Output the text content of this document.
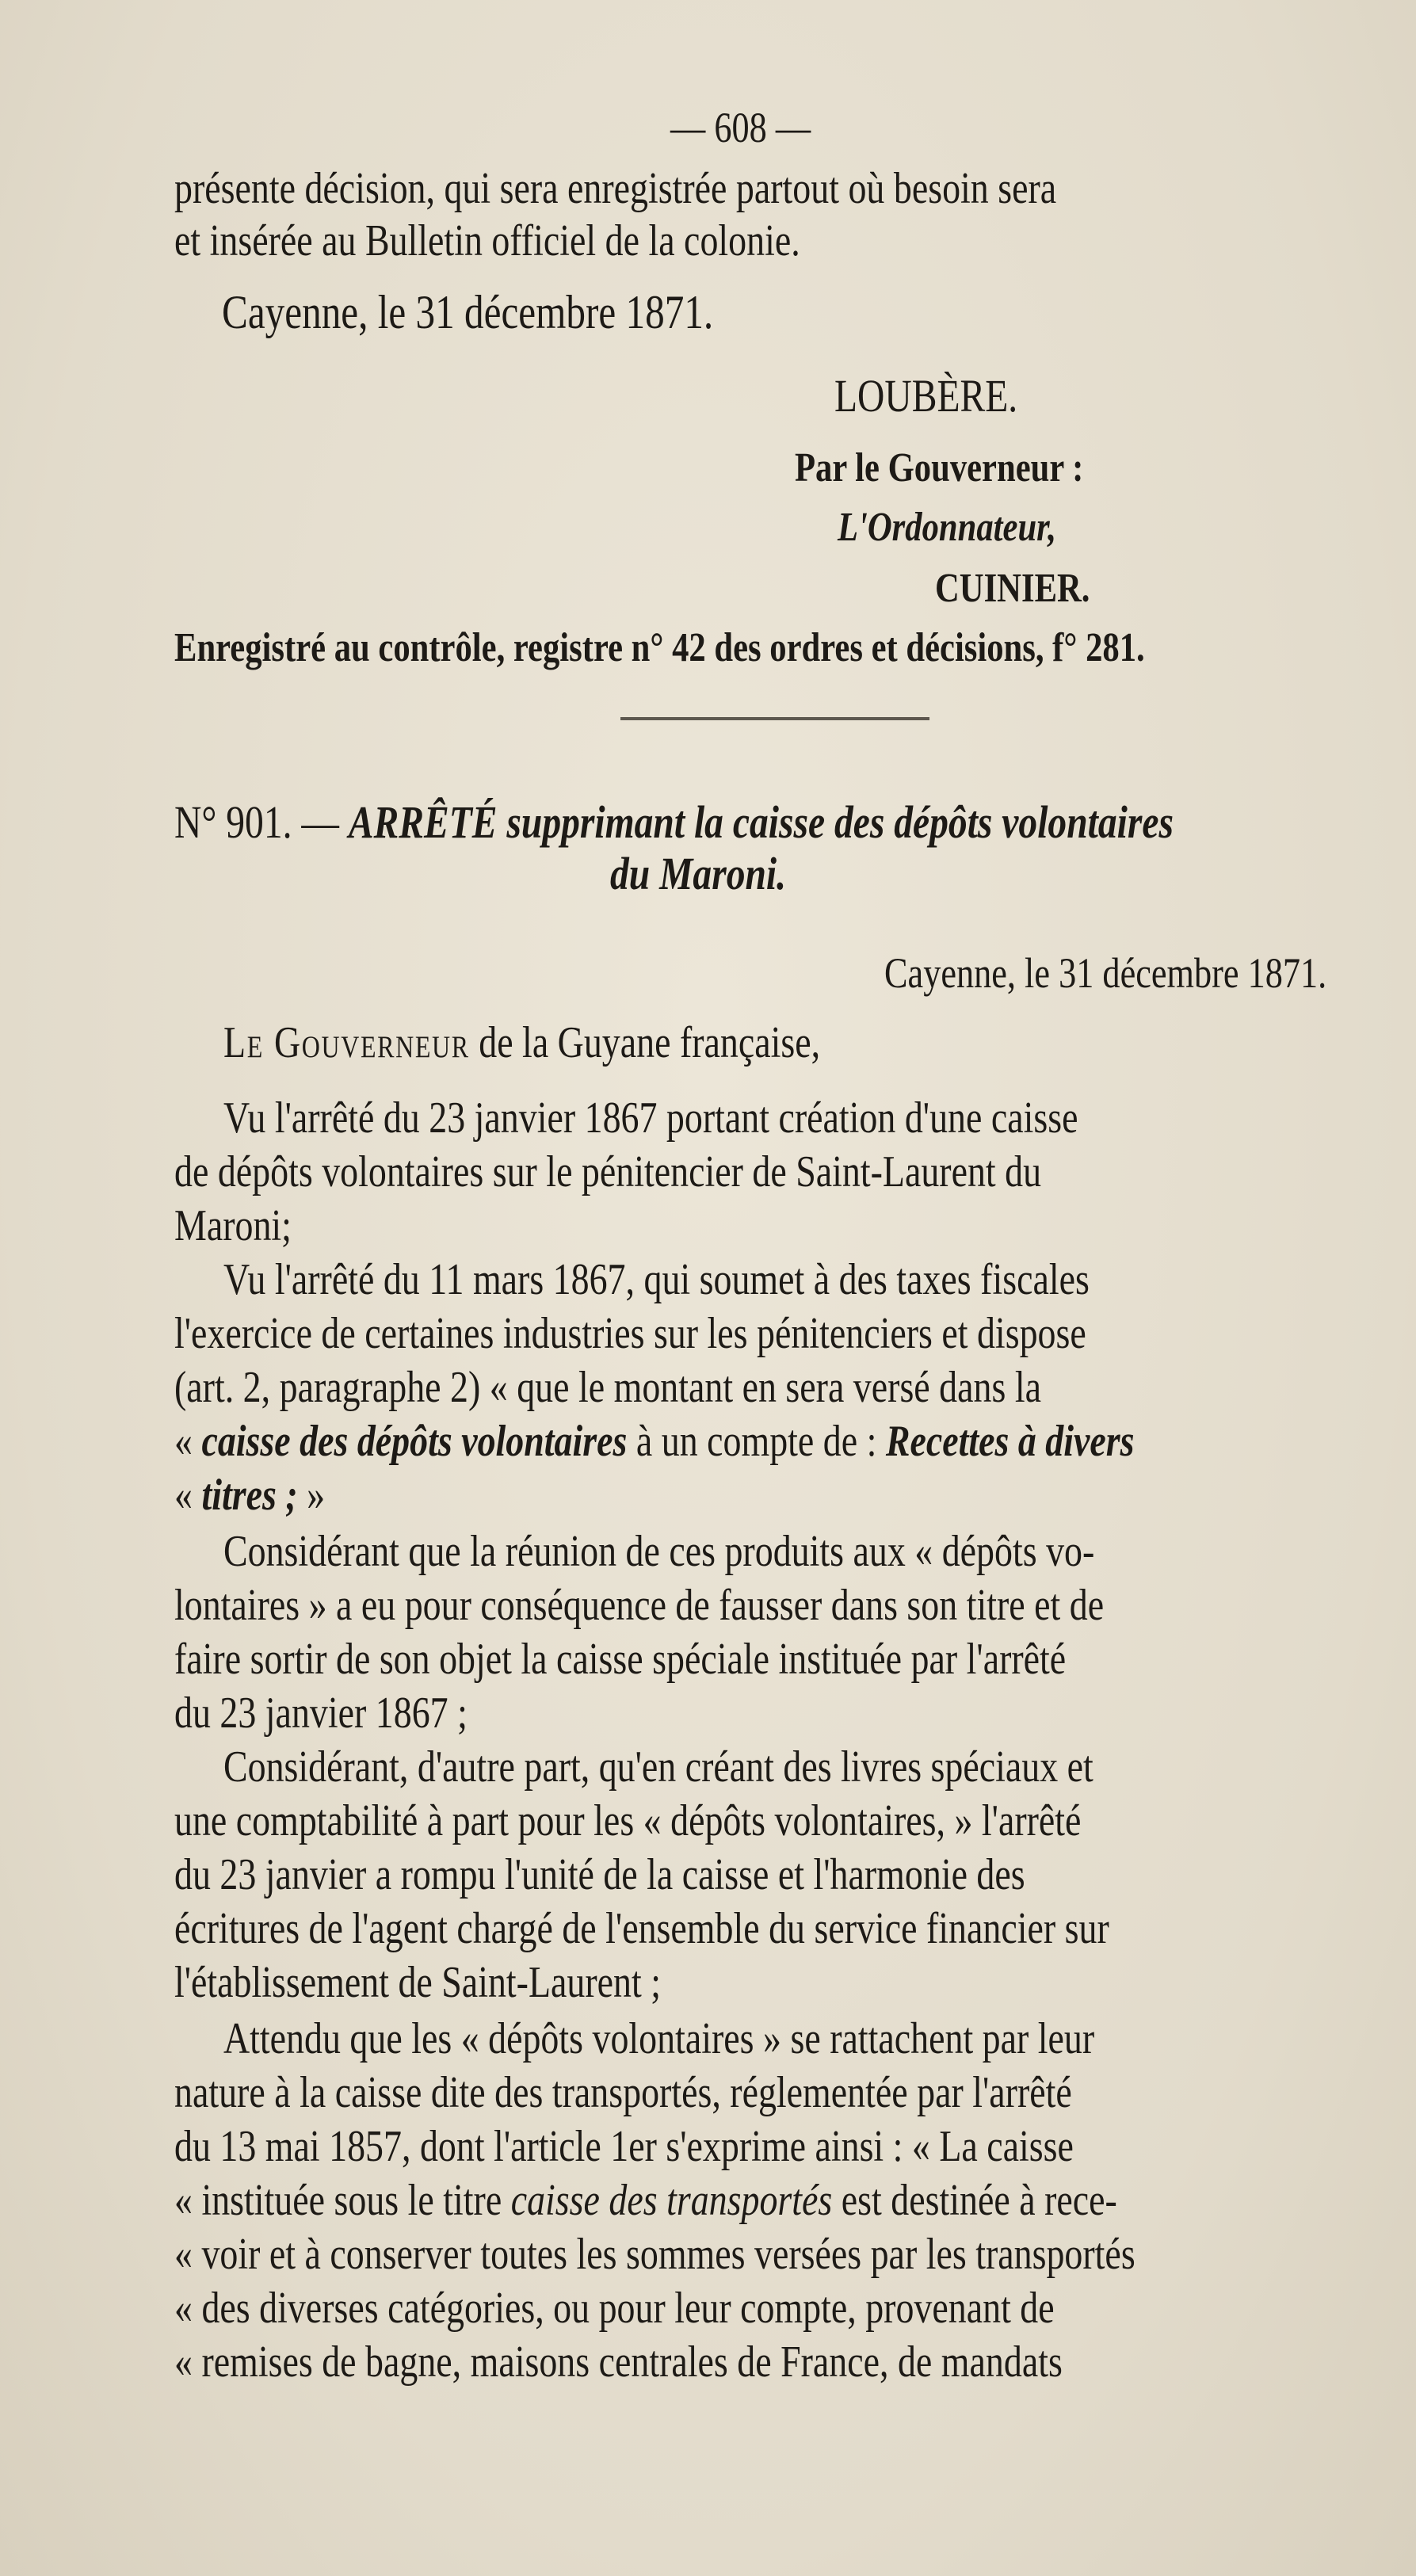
— 608 —
présente décision, qui sera enregistrée partout où besoin sera
et insérée au Bulletin officiel de la colonie.
Cayenne, le 31 décembre 1871.
LOUBÈRE.
Par le Gouverneur :
L'Ordonnateur,
CUINIER.
Enregistré au contrôle, registre n° 42 des ordres et décisions, f° 281.
N° 901. — ARRÊTÉ supprimant la caisse des dépôts volontaires
du Maroni.
Cayenne, le 31 décembre 1871.
Le Gouverneur de la Guyane française,
Vu l'arrêté du 23 janvier 1867 portant création d'une caisse
de dépôts volontaires sur le pénitencier de Saint-Laurent du
Maroni;
Vu l'arrêté du 11 mars 1867, qui soumet à des taxes fiscales
l'exercice de certaines industries sur les pénitenciers et dispose
(art. 2, paragraphe 2) « que le montant en sera versé dans la
« caisse des dépôts volontaires à un compte de : Recettes à divers
« titres ; »
Considérant que la réunion de ces produits aux « dépôts vo-
lontaires » a eu pour conséquence de fausser dans son titre et de
faire sortir de son objet la caisse spéciale instituée par l'arrêté
du 23 janvier 1867 ;
Considérant, d'autre part, qu'en créant des livres spéciaux et
une comptabilité à part pour les « dépôts volontaires, » l'arrêté
du 23 janvier a rompu l'unité de la caisse et l'harmonie des
écritures de l'agent chargé de l'ensemble du service financier sur
l'établissement de Saint-Laurent ;
Attendu que les « dépôts volontaires » se rattachent par leur
nature à la caisse dite des transportés, réglementée par l'arrêté
du 13 mai 1857, dont l'article 1er s'exprime ainsi : « La caisse
« instituée sous le titre caisse des transportés est destinée à rece-
« voir et à conserver toutes les sommes versées par les transportés
« des diverses catégories, ou pour leur compte, provenant de
« remises de bagne, maisons centrales de France, de mandats
